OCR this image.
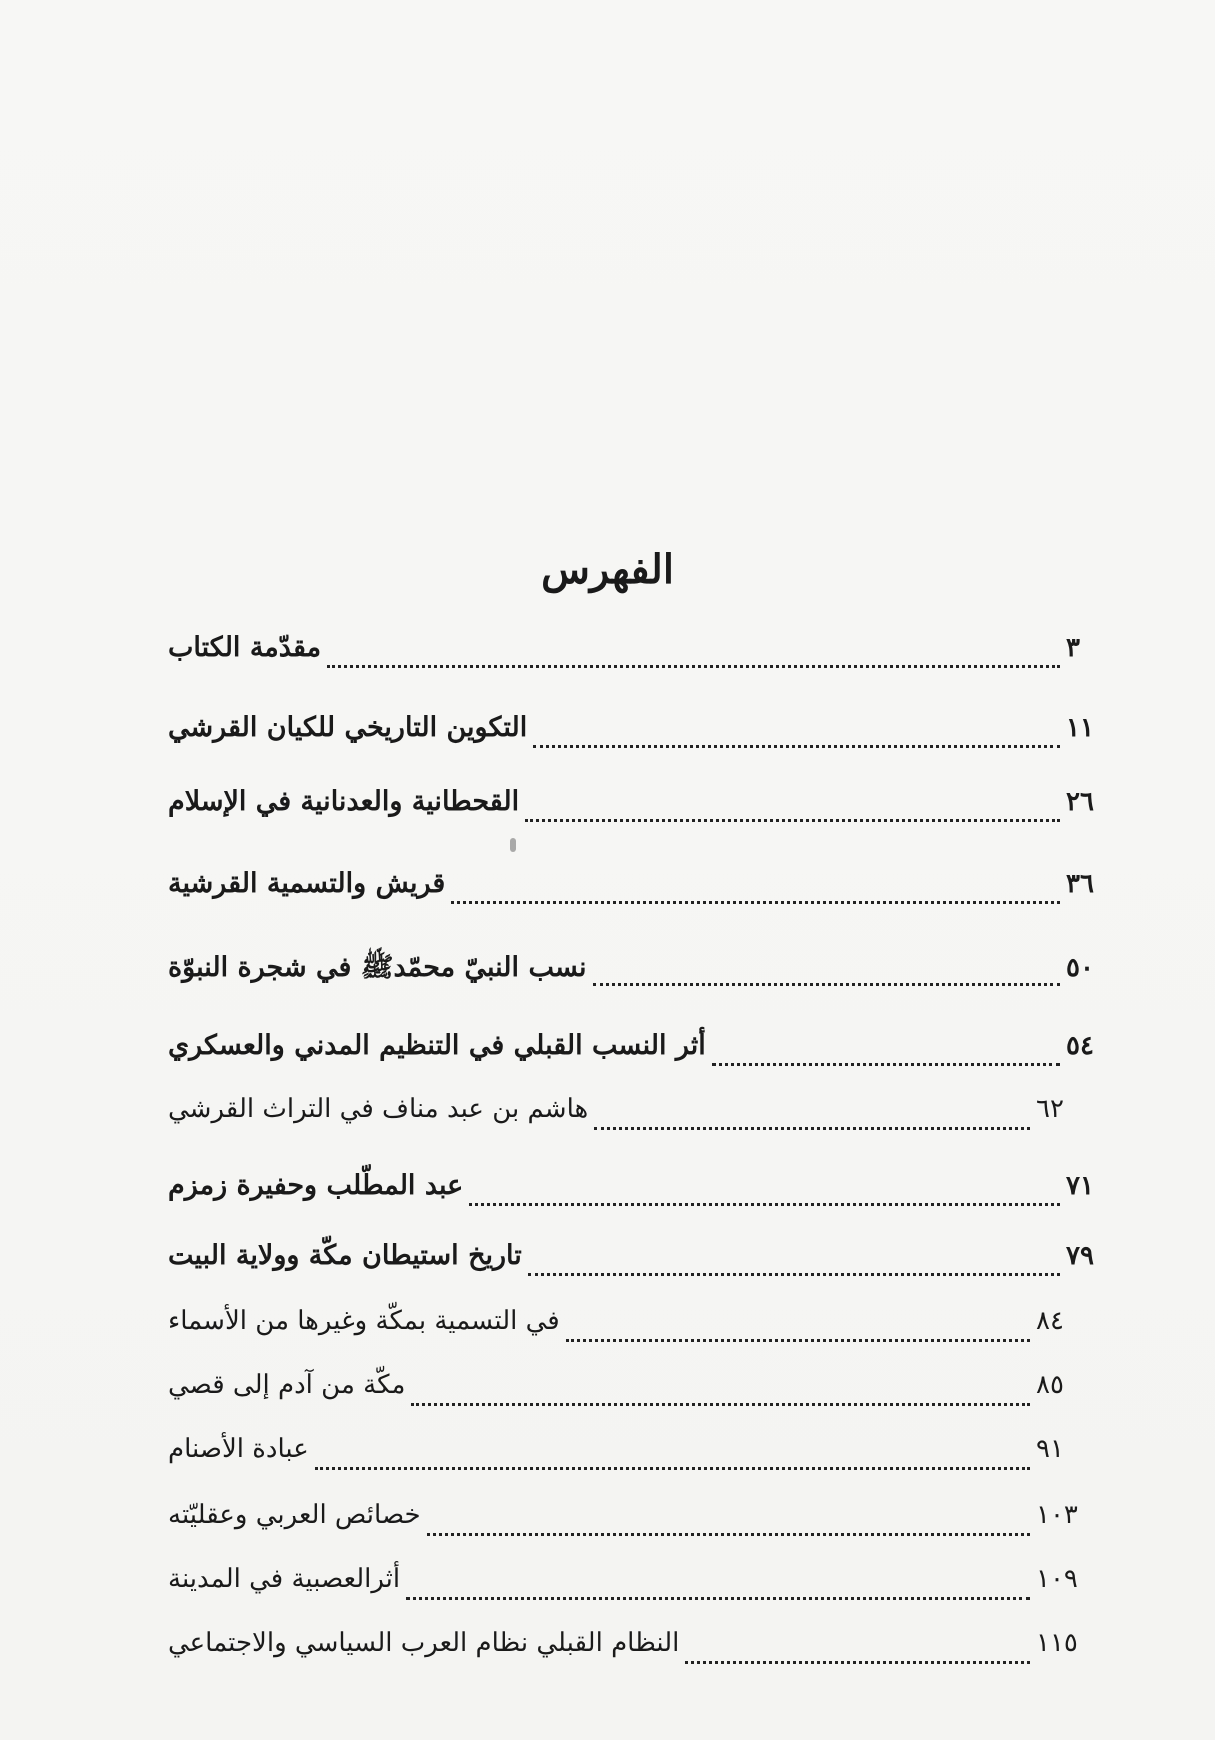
الفهرس
مقدّمة الكتاب	٣
التكوين التاريخي للكيان القرشي	١١
القحطانية والعدنانية في الإسلام	٢٦
قريش والتسمية القرشية	٣٦
نسب النبيّ محمّدﷺ في شجرة النبوّة	٥٠
أثر النسب القبلي في التنظيم المدني والعسكري	٥٤
هاشم بن عبد مناف في التراث القرشي	٦٢
عبد المطّلب وحفيرة زمزم	٧١
تاريخ استيطان مكّة وولاية البيت	٧٩
في التسمية بمكّة وغيرها من الأسماء	٨٤
مكّة من آدم إلى قصي	٨٥
عبادة الأصنام	٩١
خصائص العربي وعقليّته	١٠٣
أثرالعصبية في المدينة	١٠٩
النظام القبلي نظام العرب السياسي والاجتماعي	١١٥
